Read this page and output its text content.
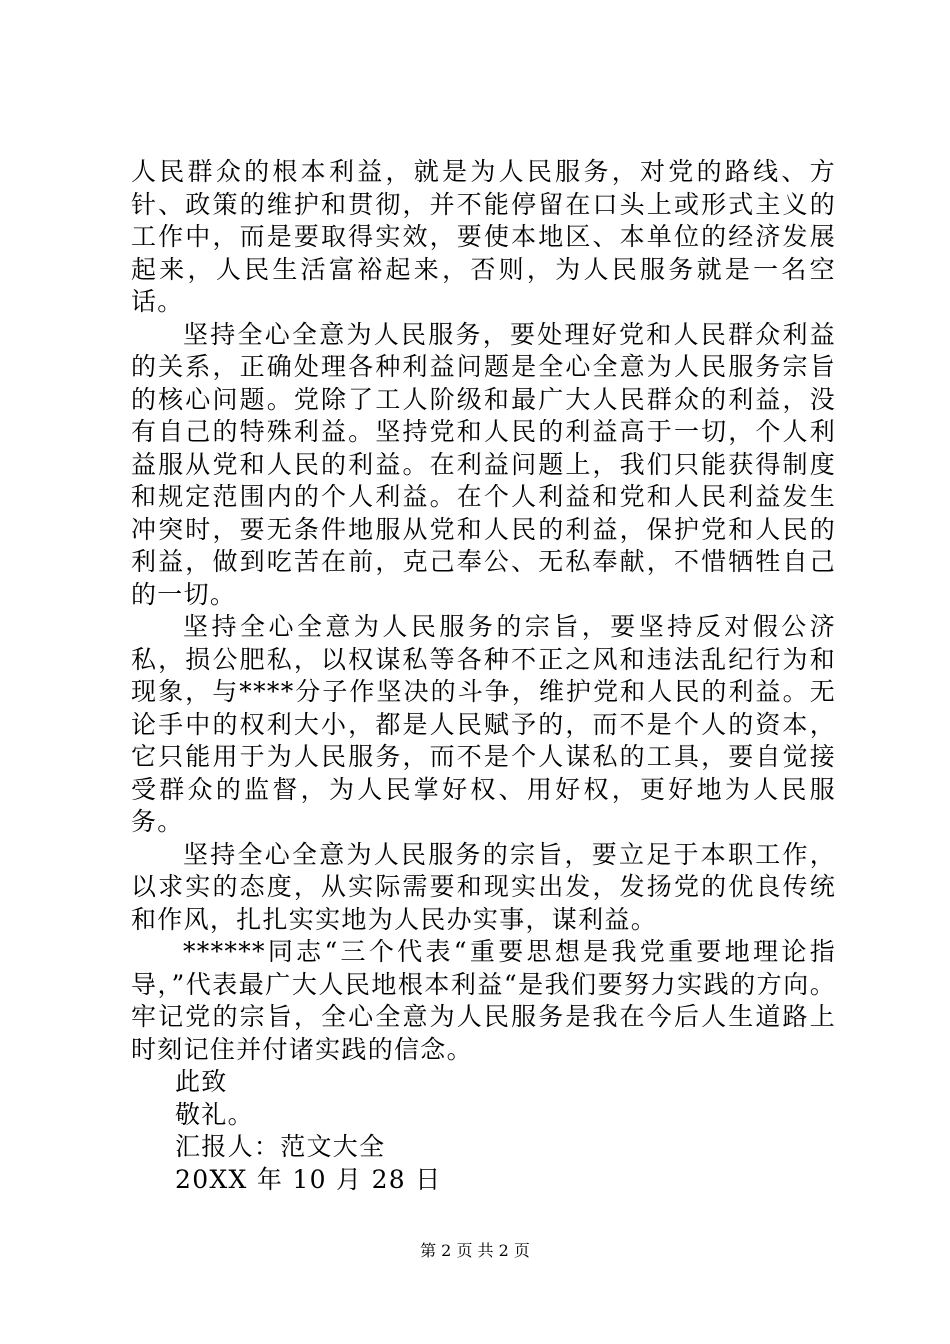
人民群众的根本利益，就是为人民服务，对党的路线、方针、政策的维护和贯彻，并不能停留在口头上或形式主义的工作中，而是要取得实效，要使本地区、本单位的经济发展起来，人民生活富裕起来，否则，为人民服务就是一名空话。

坚持全心全意为人民服务，要处理好党和人民群众利益的关系，正确处理各种利益问题是全心全意为人民服务宗旨的核心问题。党除了工人阶级和最广大人民群众的利益，没有自己的特殊利益。坚持党和人民的利益高于一切，个人利益服从党和人民的利益。在利益问题上，我们只能获得制度和规定范围内的个人利益。在个人利益和党和人民利益发生冲突时，要无条件地服从党和人民的利益，保护党和人民的利益，做到吃苦在前，克己奉公、无私奉献，不惜牺牲自己的一切。

坚持全心全意为人民服务的宗旨，要坚持反对假公济私，损公肥私，以权谋私等各种不正之风和违法乱纪行为和现象，与****分子作坚决的斗争，维护党和人民的利益。无论手中的权利大小，都是人民赋予的，而不是个人的资本，它只能用于为人民服务，而不是个人谋私的工具，要自觉接受群众的监督，为人民掌好权、用好权，更好地为人民服务。

坚持全心全意为人民服务的宗旨，要立足于本职工作，以求实的态度，从实际需要和现实出发，发扬党的优良传统和作风，扎扎实实地为人民办实事，谋利益。

******同志“三个代表“重要思想是我党重要地理论指导，”代表最广大人民地根本利益“是我们要努力实践的方向。牢记党的宗旨，全心全意为人民服务是我在今后人生道路上时刻记住并付诸实践的信念。

此致

敬礼。

汇报人：范文大全

20XX 年 10 月 28 日

第 2 页 共 2 页
